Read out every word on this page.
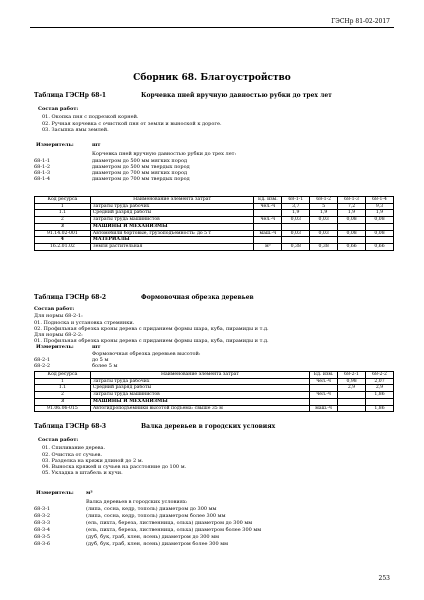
ГЭСНр 81-02-2017
Сборник 68. Благоустройство
Таблица ГЭСНр 68-1	Корчевка пней вручную давностью рубки до трех лет
Состав работ:
01. Окопка пня с подрезкой корней.
02. Ручная корчевка с очисткой пня от земли и выноской к дороге.
03. Засыпка ямы землей.
Измеритель:	шт
Корчевка пней вручную давностью рубки до трех лет:
68-1-1	диаметром до 500 мм мягких пород
68-1-2	диаметром до 500 мм твердых пород
68-1-3	диаметром до 700 мм мягких пород
68-1-4	диаметром до 700 мм твердых пород
Код ресурса	Наименование элемента затрат	Ед. изм.	68-1-1	68-1-2	68-1-3	68-1-4
1	Затраты труда рабочих	чел.-ч	3,7	5	7,2	9,3
1.1	Средний разряд работы		1,9	1,9	1,9	1,9
2	Затраты труда машинистов	чел.-ч	0,03	0,03	0,08	0,08
3	МАШИНЫ И МЕХАНИЗМЫ					
91.14.02-001	Автомобили бортовые, грузоподъемность: до 5 т	маш.-ч	0,03	0,03	0,08	0,08
4	МАТЕРИАЛЫ					
16.2.01.02	Земля растительная	м³	0,38	0,38	0,66	0,66
Таблица ГЭСНр 68-2	Формовочная обрезка деревьев
Состав работ:
Для нормы 68-2-1:
01. Подноска и установка стремянки.
02. Профильная обрезка кроны дерева с приданием формы шара, куба, пирамиды и т.д.
Для нормы 68-2-2:
01. Профильная обрезка кроны дерева с приданием формы шара, куба, пирамиды и т.д.
Измеритель:	шт
Формовочная обрезка деревьев высотой:
68-2-1	до 5 м
68-2-2	более 5 м
Код ресурса	Наименование элемента затрат	Ед. изм.	68-2-1	68-2-2
1	Затраты труда рабочих	чел.-ч	0,98	2,07
1.1	Средний разряд работы		2,9	2,9
2	Затраты труда машинистов	чел.-ч		1,86
3	МАШИНЫ И МЕХАНИЗМЫ			
91.06.06-015	Автогидроподъемники высотой подъема: свыше 35 м	маш.-ч		1,86
Таблица ГЭСНр 68-3	Валка деревьев в городских условиях
Состав работ:
01. Спиливание дерева.
02. Очистка от сучьев.
03. Разделка на кряжи длиной до 2 м.
04. Выноска кряжей и сучьев на расстояние до 100 м.
05. Укладка в штабель и кучи.
Измеритель: м³
Валка деревьев в городских условиях:
68-3-1	(липа, сосна, кедр, тополь) диаметром до 300 мм
68-3-2	(липа, сосна, кедр, тополь) диаметром более 300 мм
68-3-3	(ель, пихта, береза, лиственница, ольха) диаметром до 300 мм
68-3-4	(ель, пихта, береза, лиственница, ольха) диаметром более 300 мм
68-3-5	(дуб, бук, граб, клен, ясень) диаметром до 300 мм
68-3-6	(дуб, бук, граб, клен, ясень) диаметром более 300 мм
253
